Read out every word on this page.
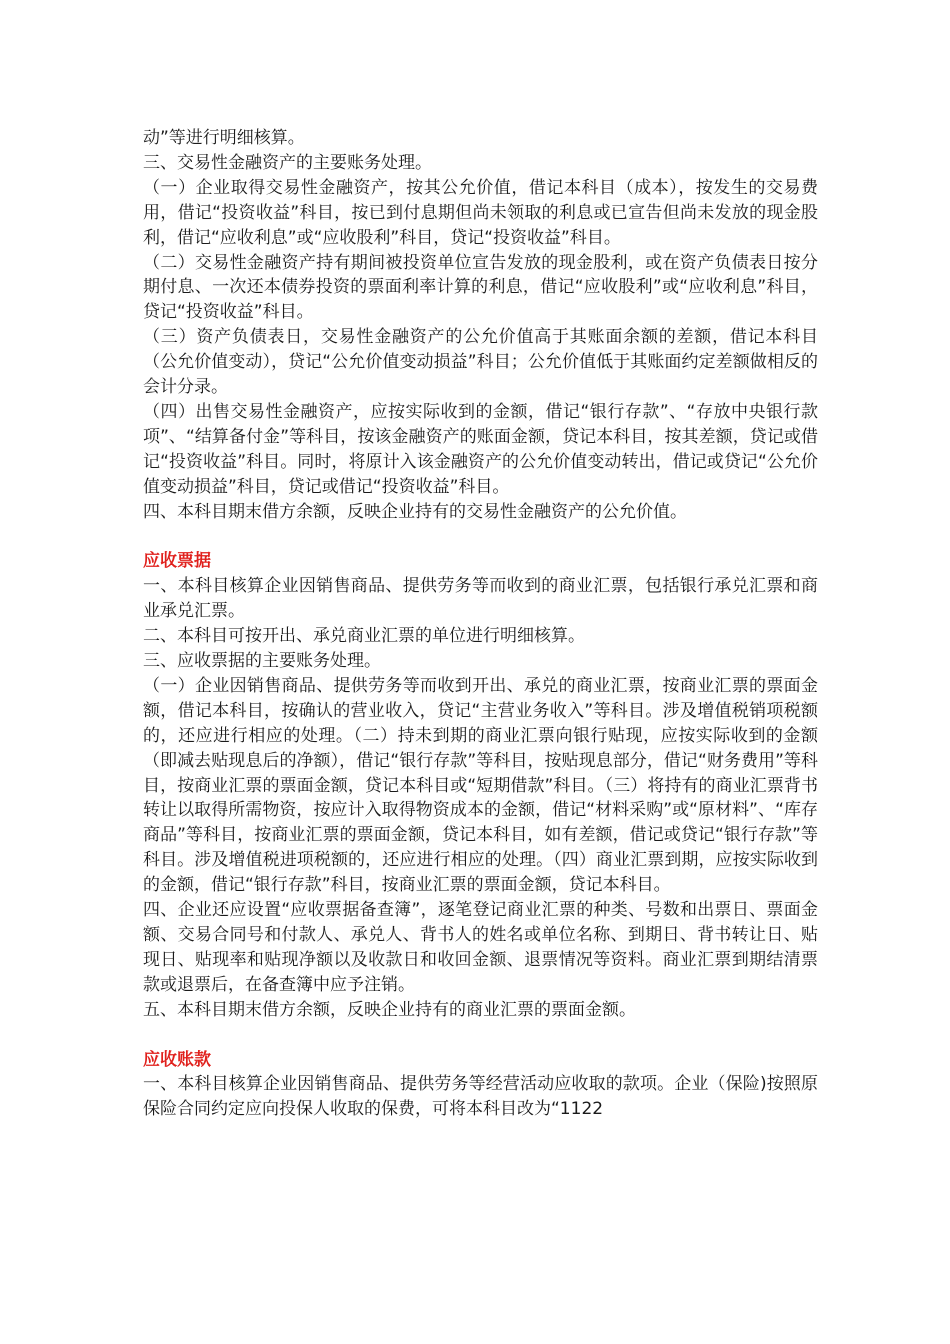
动”等进行明细核算。

三、交易性金融资产的主要账务处理。

（一）企业取得交易性金融资产，按其公允价值，借记本科目（成本），按发生的交易费用，借记“投资收益”科目，按已到付息期但尚未领取的利息或已宣告但尚未发放的现金股利，借记“应收利息”或“应收股利”科目，贷记“投资收益”科目。

（二）交易性金融资产持有期间被投资单位宣告发放的现金股利，或在资产负债表日按分期付息、一次还本债券投资的票面利率计算的利息，借记“应收股利”或“应收利息”科目，贷记“投资收益”科目。

（三）资产负债表日，交易性金融资产的公允价值高于其账面余额的差额，借记本科目（公允价值变动），贷记“公允价值变动损益”科目；公允价值低于其账面约定差额做相反的会计分录。

（四）出售交易性金融资产，应按实际收到的金额，借记“银行存款”、“存放中央银行款项”、“结算备付金”等科目，按该金融资产的账面金额，贷记本科目，按其差额，贷记或借记“投资收益”科目。同时，将原计入该金融资产的公允价值变动转出，借记或贷记“公允价值变动损益”科目，贷记或借记“投资收益”科目。

四、本科目期末借方余额，反映企业持有的交易性金融资产的公允价值。

应收票据

一、本科目核算企业因销售商品、提供劳务等而收到的商业汇票，包括银行承兑汇票和商业承兑汇票。

二、本科目可按开出、承兑商业汇票的单位进行明细核算。

三、应收票据的主要账务处理。

（一）企业因销售商品、提供劳务等而收到开出、承兑的商业汇票，按商业汇票的票面金额，借记本科目，按确认的营业收入，贷记“主营业务收入”等科目。涉及增值税销项税额的，还应进行相应的处理。（二）持未到期的商业汇票向银行贴现，应按实际收到的金额（即减去贴现息后的净额），借记“银行存款”等科目，按贴现息部分，借记“财务费用”等科目，按商业汇票的票面金额，贷记本科目或“短期借款”科目。（三）将持有的商业汇票背书转让以取得所需物资，按应计入取得物资成本的金额，借记“材料采购”或“原材料”、“库存商品”等科目，按商业汇票的票面金额，贷记本科目，如有差额，借记或贷记“银行存款”等科目。涉及增值税进项税额的，还应进行相应的处理。（四）商业汇票到期，应按实际收到的金额，借记“银行存款”科目，按商业汇票的票面金额，贷记本科目。

四、企业还应设置“应收票据备查簿”，逐笔登记商业汇票的种类、号数和出票日、票面金额、交易合同号和付款人、承兑人、背书人的姓名或单位名称、到期日、背书转让日、贴现日、贴现率和贴现净额以及收款日和收回金额、退票情况等资料。商业汇票到期结清票款或退票后，在备查簿中应予注销。

五、本科目期末借方余额，反映企业持有的商业汇票的票面金额。

应收账款

一、本科目核算企业因销售商品、提供劳务等经营活动应收取的款项。企业（保险)按照原保险合同约定应向投保人收取的保费，可将本科目改为“1122
